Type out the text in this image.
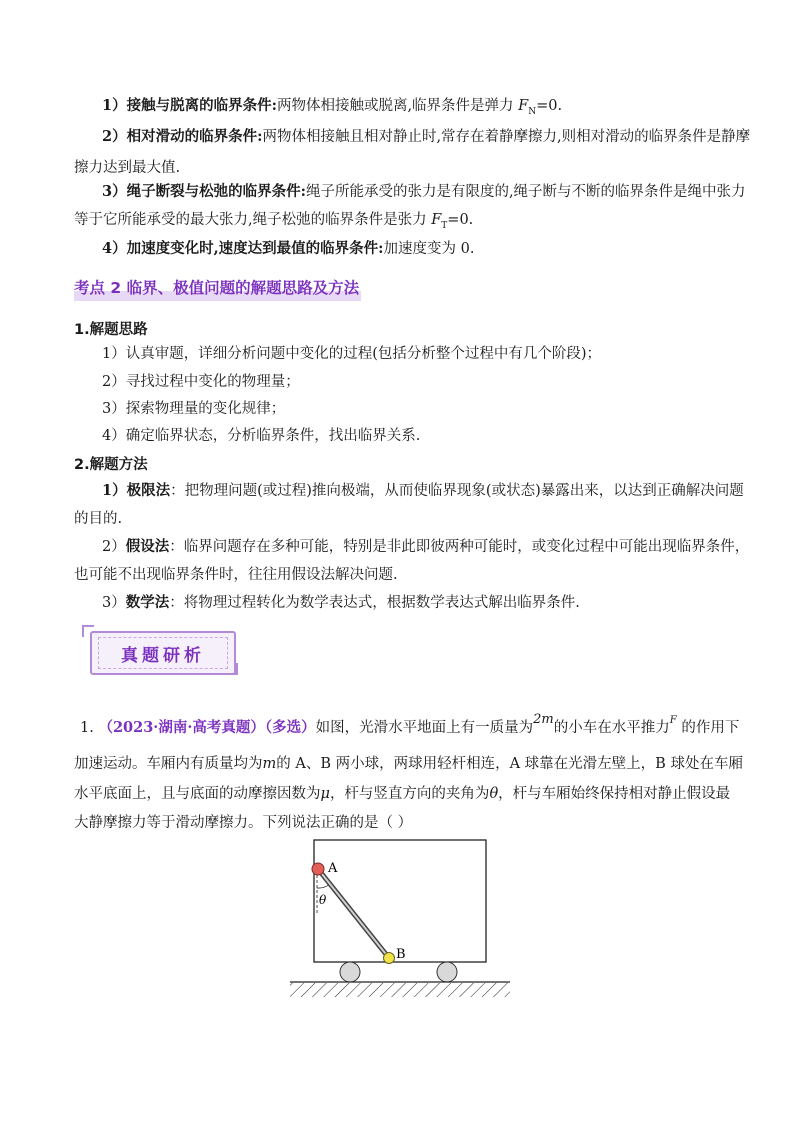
1）接触与脱离的临界条件:两物体相接触或脱离,临界条件是弹力 $F_N=0$.
2）相对滑动的临界条件:两物体相接触且相对静止时,常存在着静摩擦力,则相对滑动的临界条件是静摩
擦力达到最大值.
3）绳子断裂与松弛的临界条件:绳子所能承受的张力是有限度的,绳子断与不断的临界条件是绳中张力
等于它所能承受的最大张力,绳子松弛的临界条件是张力 $F_T=0$.
4）加速度变化时,速度达到最值的临界条件:加速度变为 0.
考点 2 临界、极值问题的解题思路及方法
1.解题思路
1）认真审题，详细分析问题中变化的过程(包括分析整个过程中有几个阶段)；
2）寻找过程中变化的物理量；
3）探索物理量的变化规律；
4）确定临界状态，分析临界条件，找出临界关系.
2.解题方法
1）极限法：把物理问题(或过程)推向极端，从而使临界现象(或状态)暴露出来，以达到正确解决问题
的目的.
2）假设法：临界问题存在多种可能，特别是非此即彼两种可能时，或变化过程中可能出现临界条件，
也可能不出现临界条件时，往往用假设法解决问题.
3）数学法：将物理过程转化为数学表达式，根据数学表达式解出临界条件.
真题研析
1. （2023·湖南·高考真题）（多选）如图，光滑水平地面上有一质量为2m的小车在水平推力$^F$ 的作用下
加速运动。车厢内有质量均为m的 A、B 两小球，两球用轻杆相连，A 球靠在光滑左壁上，B 球处在车厢
水平底面上，且与底面的动摩擦因数为μ，杆与竖直方向的夹角为θ，杆与车厢始终保持相对静止假设最
大静摩擦力等于滑动摩擦力。下列说法正确的是（ ）
A
θ
B
